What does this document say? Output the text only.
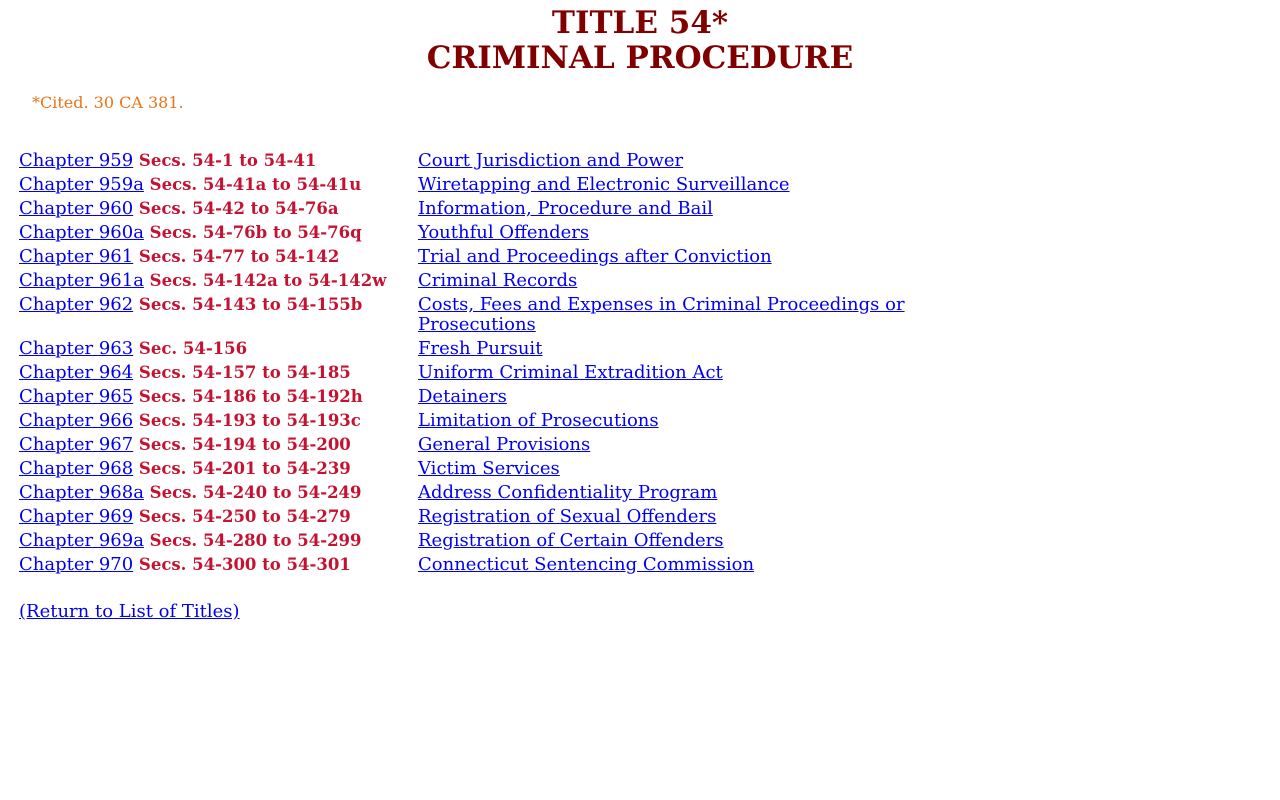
TITLE 54*
CRIMINAL PROCEDURE
*Cited. 30 CA 381.
Chapter 959 Secs. 54-1 to 54-41	Court Jurisdiction and Power
Chapter 959a Secs. 54-41a to 54-41u	Wiretapping and Electronic Surveillance
Chapter 960 Secs. 54-42 to 54-76a	Information, Procedure and Bail
Chapter 960a Secs. 54-76b to 54-76q	Youthful Offenders
Chapter 961 Secs. 54-77 to 54-142	Trial and Proceedings after Conviction
Chapter 961a Secs. 54-142a to 54-142w	Criminal Records
Chapter 962 Secs. 54-143 to 54-155b	Costs, Fees and Expenses in Criminal Proceedings or Prosecutions
Chapter 963 Sec. 54-156	Fresh Pursuit
Chapter 964 Secs. 54-157 to 54-185	Uniform Criminal Extradition Act
Chapter 965 Secs. 54-186 to 54-192h	Detainers
Chapter 966 Secs. 54-193 to 54-193c	Limitation of Prosecutions
Chapter 967 Secs. 54-194 to 54-200	General Provisions
Chapter 968 Secs. 54-201 to 54-239	Victim Services
Chapter 968a Secs. 54-240 to 54-249	Address Confidentiality Program
Chapter 969 Secs. 54-250 to 54-279	Registration of Sexual Offenders
Chapter 969a Secs. 54-280 to 54-299	Registration of Certain Offenders
Chapter 970 Secs. 54-300 to 54-301	Connecticut Sentencing Commission
(Return to List of Titles)
